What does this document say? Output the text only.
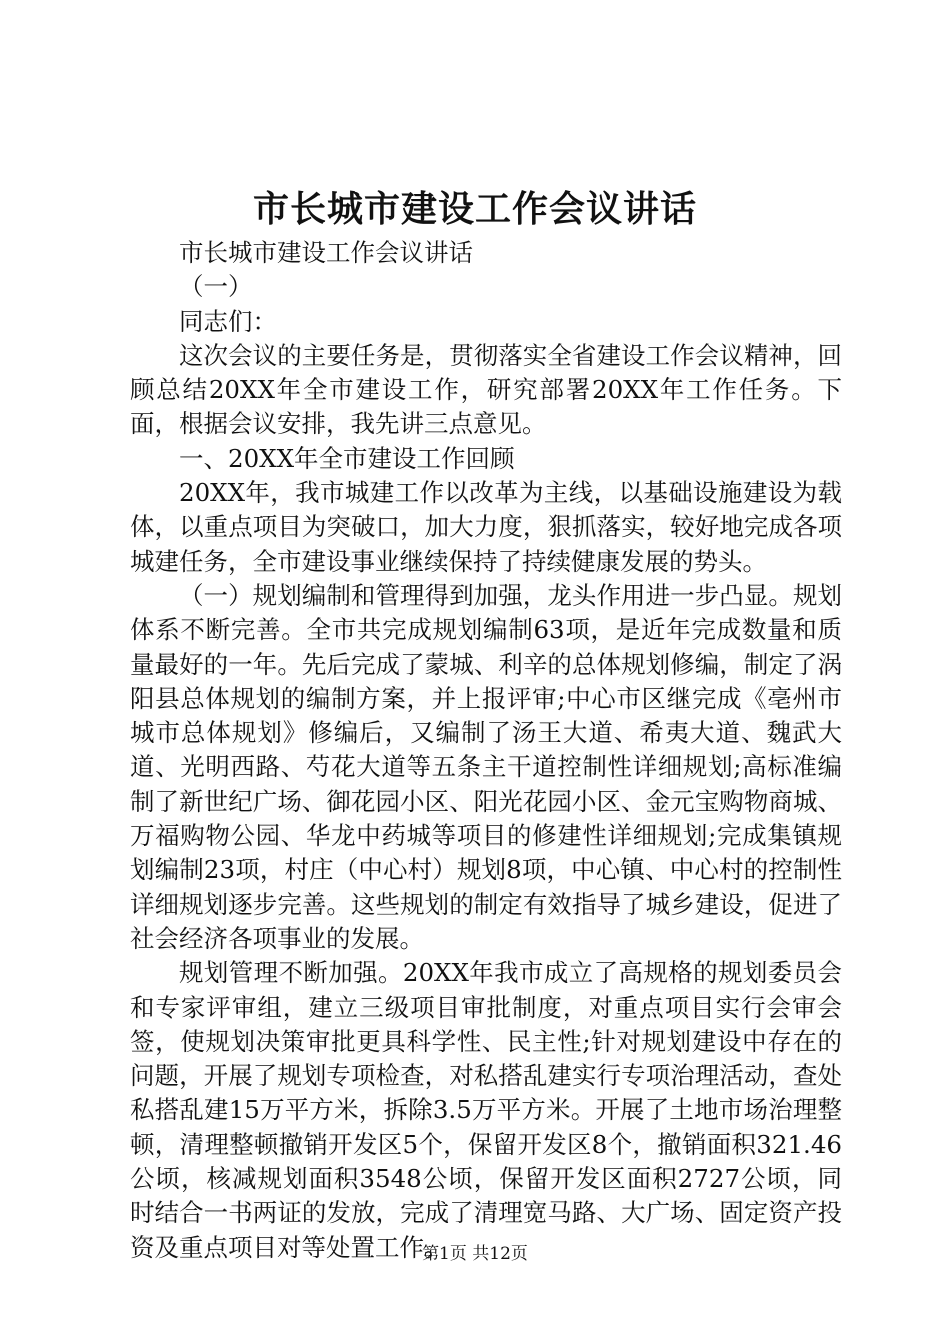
市长城市建设工作会议讲话

市长城市建设工作会议讲话

（一）

同志们：

这次会议的主要任务是，贯彻落实全省建设工作会议精神，回顾总结20XX年全市建设工作，研究部署20XX年工作任务。下面，根据会议安排，我先讲三点意见。

一、20XX年全市建设工作回顾

20XX年，我市城建工作以改革为主线，以基础设施建设为载体，以重点项目为突破口，加大力度，狠抓落实，较好地完成各项城建任务，全市建设事业继续保持了持续健康发展的势头。

（一）规划编制和管理得到加强，龙头作用进一步凸显。规划体系不断完善。全市共完成规划编制63项，是近年完成数量和质量最好的一年。先后完成了蒙城、利辛的总体规划修编，制定了涡阳县总体规划的编制方案，并上报评审;中心市区继完成《亳州市城市总体规划》修编后，又编制了汤王大道、希夷大道、魏武大道、光明西路、芍花大道等五条主干道控制性详细规划;高标准编制了新世纪广场、御花园小区、阳光花园小区、金元宝购物商城、万福购物公园、华龙中药城等项目的修建性详细规划;完成集镇规划编制23项，村庄（中心村）规划8项，中心镇、中心村的控制性详细规划逐步完善。这些规划的制定有效指导了城乡建设，促进了社会经济各项事业的发展。

规划管理不断加强。20XX年我市成立了高规格的规划委员会和专家评审组，建立三级项目审批制度，对重点项目实行会审会签，使规划决策审批更具科学性、民主性;针对规划建设中存在的问题，开展了规划专项检查，对私搭乱建实行专项治理活动，查处私搭乱建15万平方米，拆除3.5万平方米。开展了土地市场治理整顿，清理整顿撤销开发区5个，保留开发区8个，撤销面积321.46公顷，核减规划面积3548公顷，保留开发区面积2727公顷，同时结合一书两证的发放，完成了清理宽马路、大广场、固定资产投资及重点项目对等处置工作。

第1页 共12页
